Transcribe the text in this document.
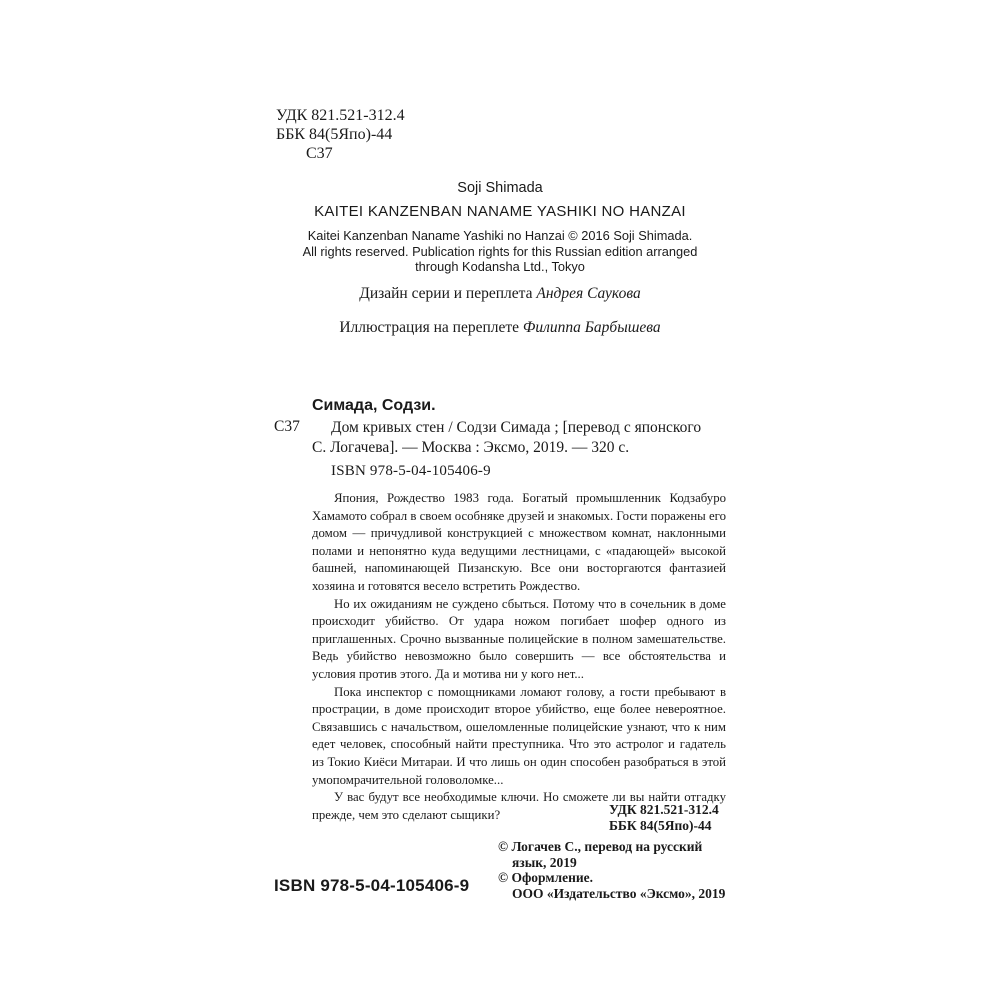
УДК 821.521-312.4
ББК 84(5Япо)-44
С37
Soji Shimada
KAITEI KANZENBAN NANAME YASHIKI NO HANZAI
Kaitei Kanzenban Naname Yashiki no Hanzai © 2016 Soji Shimada.
All rights reserved. Publication rights for this Russian edition arranged
through Kodansha Ltd., Tokyo
Дизайн серии и переплета Андрея Саукова
Иллюстрация на переплете Филиппа Барбышева
Симада, Содзи.
С37 Дом кривых стен / Содзи Симада ; [перевод с японского
С. Логачева]. — Москва : Эксмо, 2019. — 320 с.
ISBN 978-5-04-105406-9

Япония, Рождество 1983 года. Богатый промышленник Кодзабуро Хамамото собрал в своем особняке друзей и знакомых. Гости поражены его домом — причудливой конструкцией с множеством комнат, наклонными полами и непонятно куда ведущими лестницами, с «падающей» высокой башней, напоминающей Пизанскую. Все они восторгаются фантазией хозяина и готовятся весело встретить Рождество.

Но их ожиданиям не суждено сбыться. Потому что в сочельник в доме происходит убийство. От удара ножом погибает шофер одного из приглашенных. Срочно вызванные полицейские в полном замешательстве. Ведь убийство невозможно было совершить — все обстоятельства и условия против этого. Да и мотива ни у кого нет...

Пока инспектор с помощниками ломают голову, а гости пребывают в прострации, в доме происходит второе убийство, еще более невероятное. Связавшись с начальством, ошеломленные полицейские узнают, что к ним едет человек, способный найти преступника. Что это астролог и гадатель из Токио Киёси Митараи. И что лишь он один способен разобраться в этой умопомрачительной головоломке...

У вас будут все необходимые ключи. Но сможете ли вы найти отгадку прежде, чем это сделают сыщики?	УДК 821.521-312.4
ББК 84(5Япо)-44
ISBN 978-5-04-105406-9
© Логачев С., перевод на русский
язык, 2019
© Оформление.
ООО «Издательство «Эксмо», 2019
